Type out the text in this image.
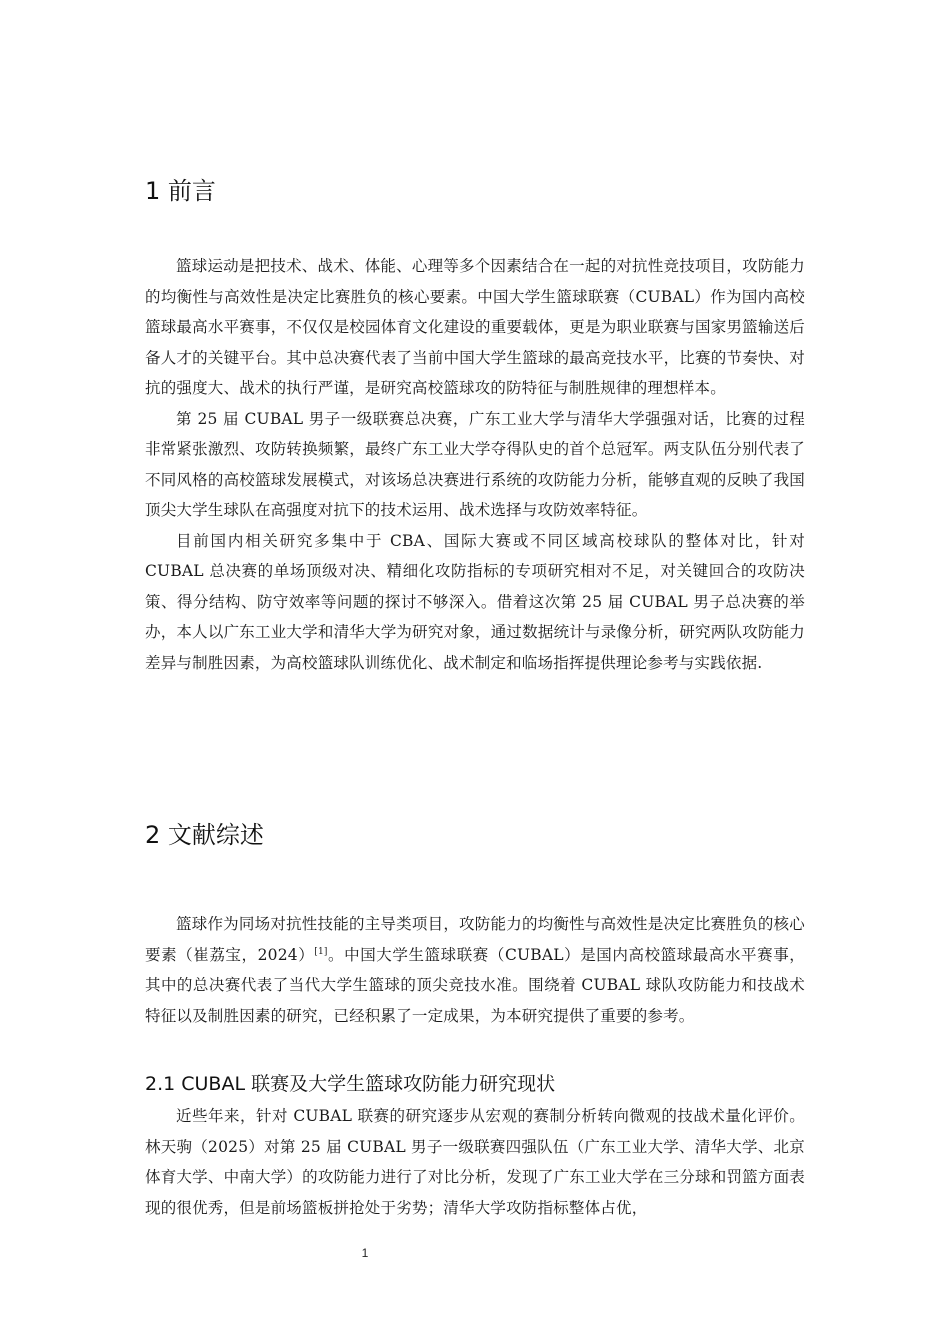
1 前言

篮球运动是把技术、战术、体能、心理等多个因素结合在一起的对抗性竞技项目，攻防能力的均衡性与高效性是决定比赛胜负的核心要素。中国大学生篮球联赛（CUBAL）作为国内高校篮球最高水平赛事，不仅仅是校园体育文化建设的重要载体，更是为职业联赛与国家男篮输送后备人才的关键平台。其中总决赛代表了当前中国大学生篮球的最高竞技水平，比赛的节奏快、对抗的强度大、战术的执行严谨，是研究高校篮球攻的防特征与制胜规律的理想样本。

第 25 届 CUBAL 男子一级联赛总决赛，广东工业大学与清华大学强强对话，比赛的过程非常紧张激烈、攻防转换频繁，最终广东工业大学夺得队史的首个总冠军。两支队伍分别代表了不同风格的高校篮球发展模式，对该场总决赛进行系统的攻防能力分析，能够直观的反映了我国顶尖大学生球队在高强度对抗下的技术运用、战术选择与攻防效率特征。

目前国内相关研究多集中于 CBA、国际大赛或不同区域高校球队的整体对比，针对 CUBAL 总决赛的单场顶级对决、精细化攻防指标的专项研究相对不足，对关键回合的攻防决策、得分结构、防守效率等问题的探讨不够深入。借着这次第 25 届 CUBAL 男子总决赛的举办，本人以广东工业大学和清华大学为研究对象，通过数据统计与录像分析，研究两队攻防能力差异与制胜因素，为高校篮球队训练优化、战术制定和临场指挥提供理论参考与实践依据.

2 文献综述

篮球作为同场对抗性技能的主导类项目，攻防能力的均衡性与高效性是决定比赛胜负的核心要素（崔荔宝，2024）[1]。中国大学生篮球联赛（CUBAL）是国内高校篮球最高水平赛事，其中的总决赛代表了当代大学生篮球的顶尖竞技水准。围绕着 CUBAL 球队攻防能力和技战术特征以及制胜因素的研究，已经积累了一定成果，为本研究提供了重要的参考。

2.1 CUBAL 联赛及大学生篮球攻防能力研究现状

近些年来，针对 CUBAL 联赛的研究逐步从宏观的赛制分析转向微观的技战术量化评价。林天驹（2025）对第 25 届 CUBAL 男子一级联赛四强队伍（广东工业大学、清华大学、北京体育大学、中南大学）的攻防能力进行了对比分析，发现了广东工业大学在三分球和罚篮方面表现的很优秀，但是前场篮板拼抢处于劣势；清华大学攻防指标整体占优，

1
